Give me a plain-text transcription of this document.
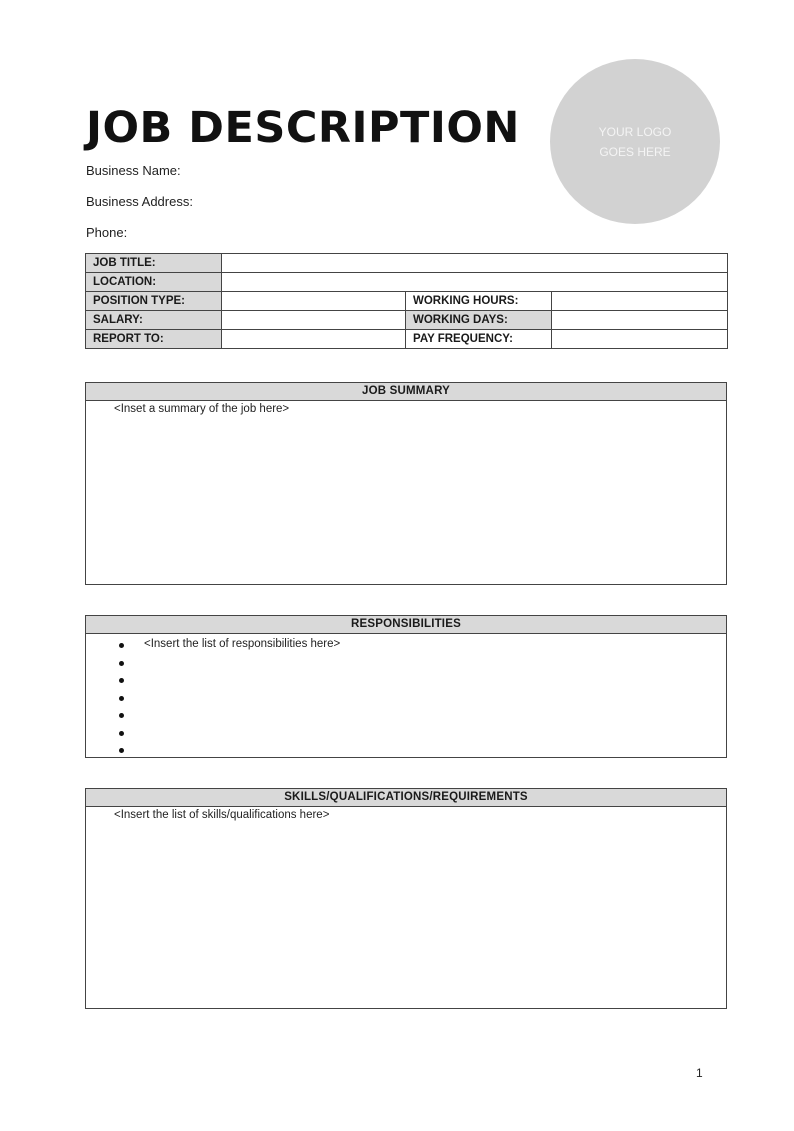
JOB DESCRIPTION
Business Name:
Business Address:
Phone:
YOUR LOGO
GOES HERE
JOB TITLE:			
LOCATION:			
POSITION TYPE:		WORKING HOURS:	
SALARY:		WORKING DAYS:	
REPORT TO:		PAY FREQUENCY:	
JOB SUMMARY
<Inset a summary of the job here>
RESPONSIBILITIES
<Insert the list of responsibilities here>
SKILLS/QUALIFICATIONS/REQUIREMENTS
<Insert the list of skills/qualifications here>
1
